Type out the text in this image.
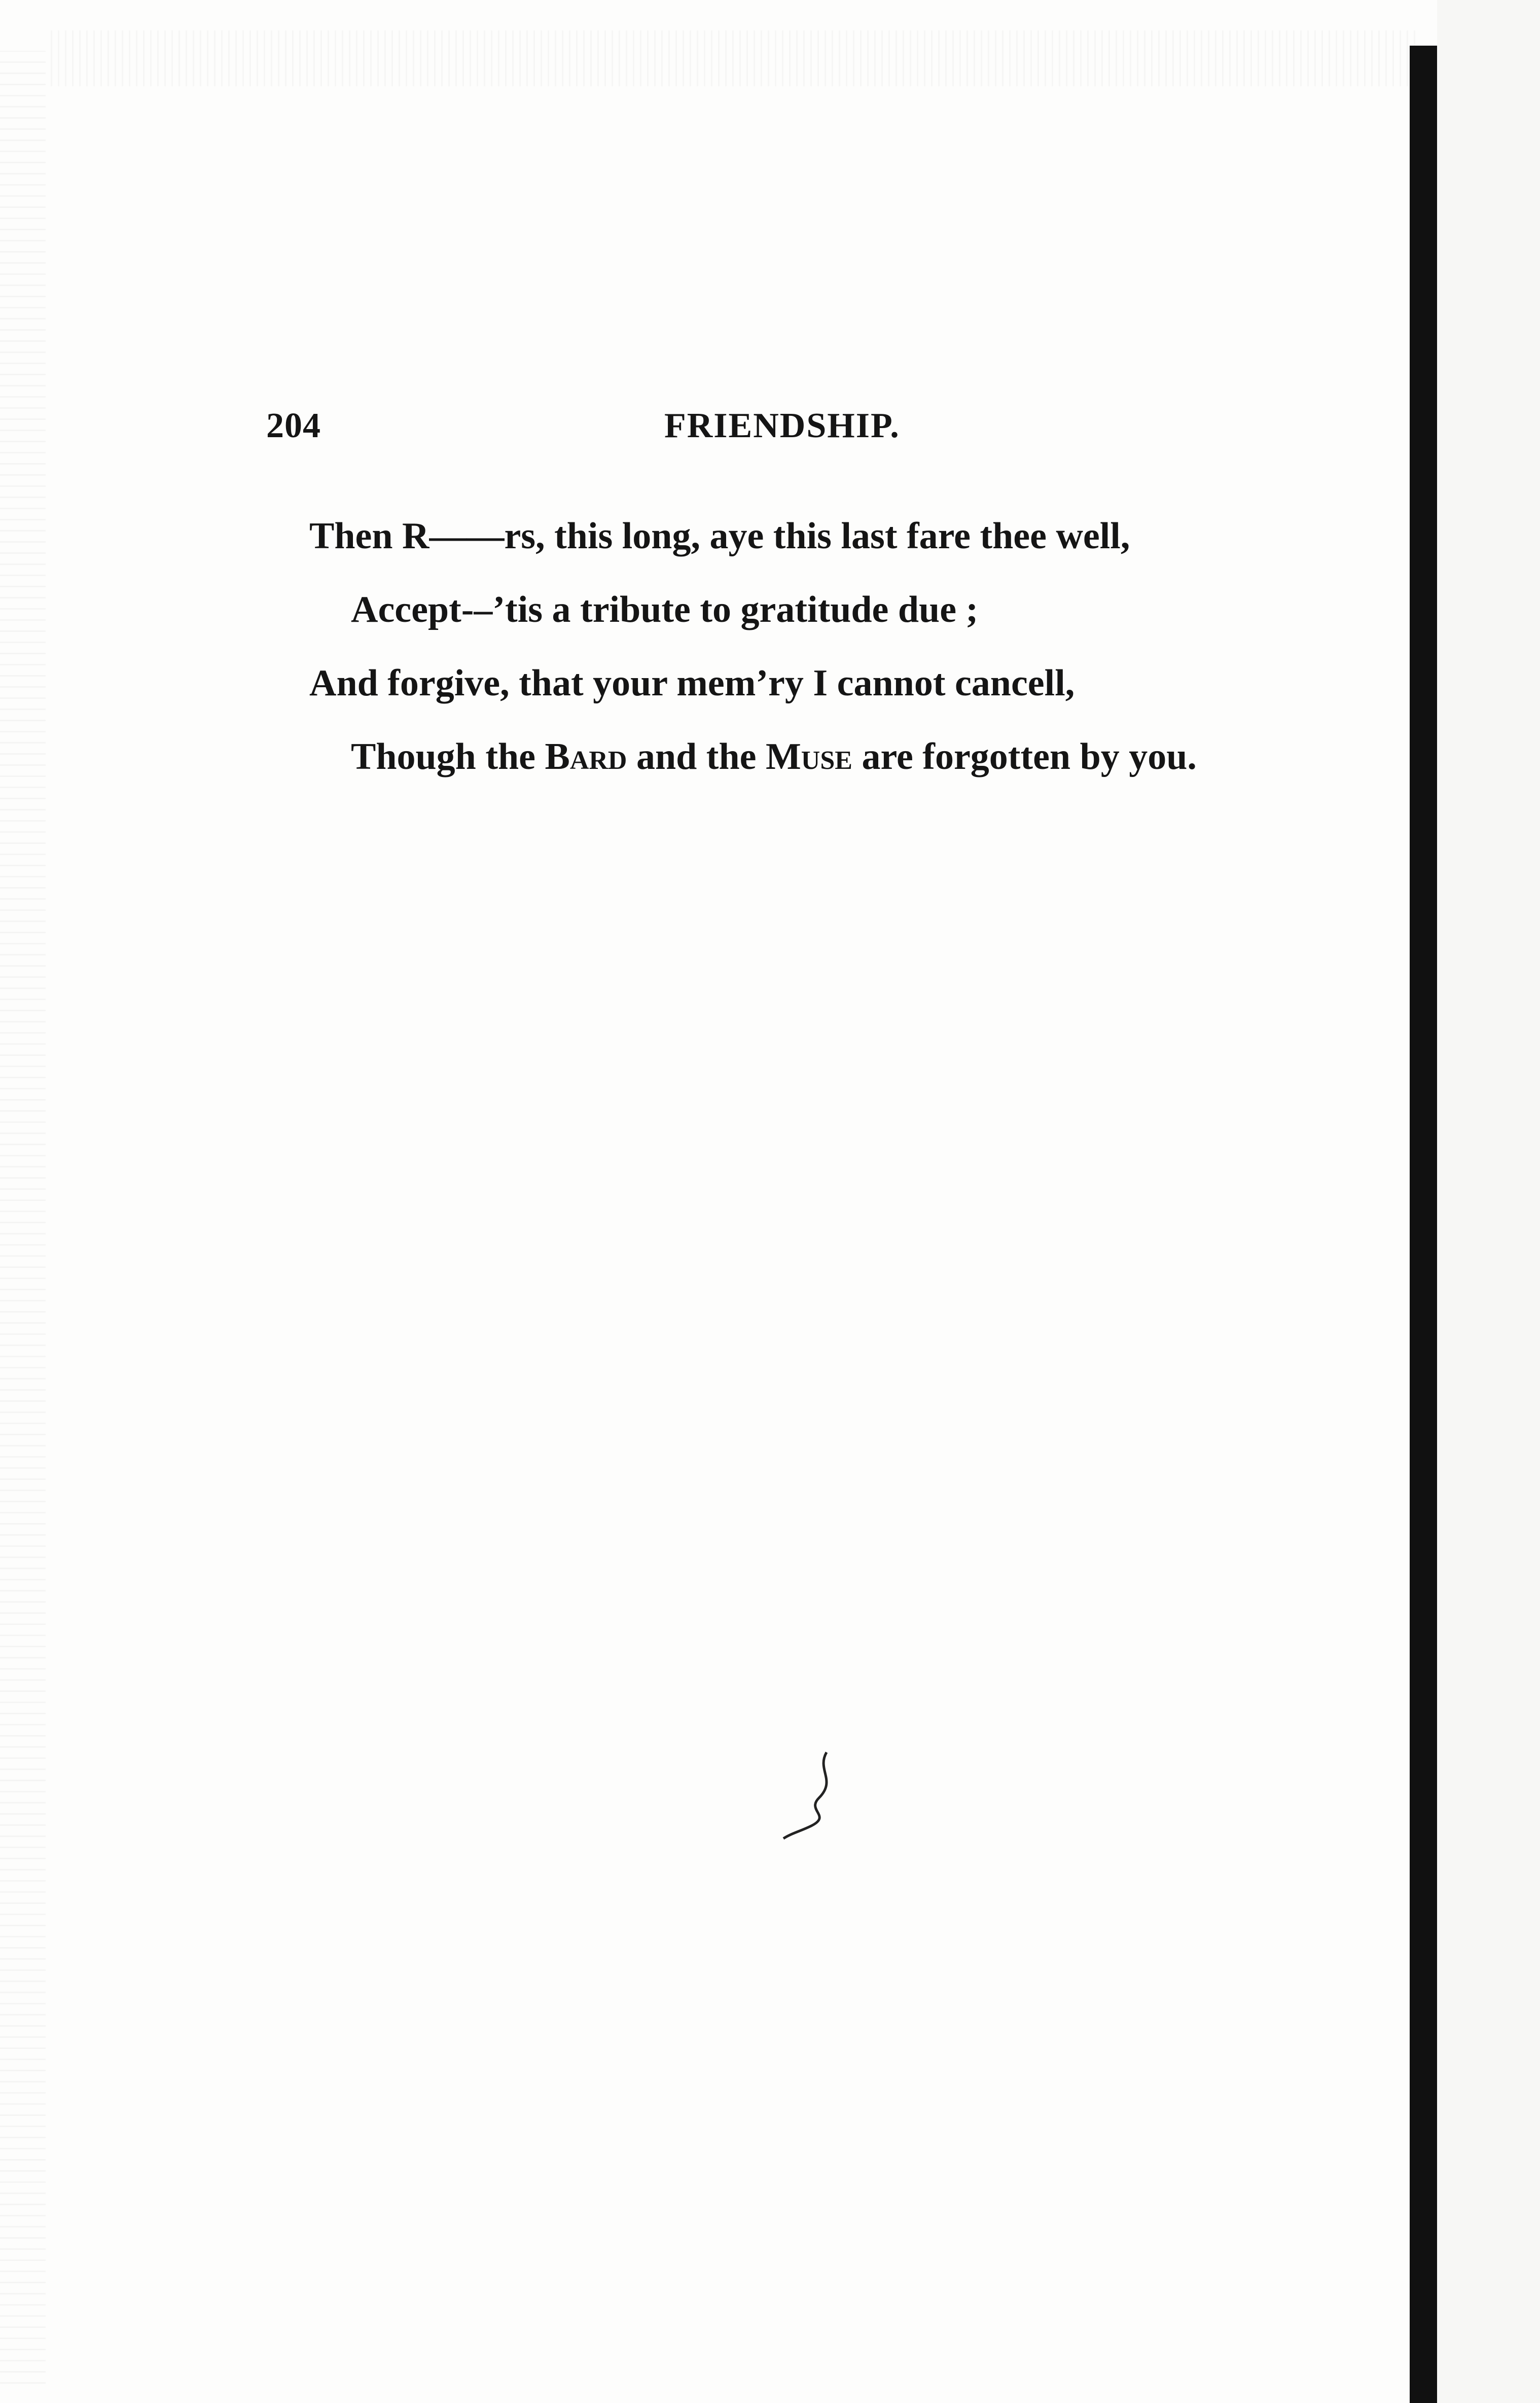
204	FRIENDSHIP.
Then R——rs, this long, aye this last fare thee well,
Accept-–’tis a tribute to gratitude due ;
And forgive, that your mem’ry I cannot cancell,
Though the Bard and the Muse are forgotten by you.
